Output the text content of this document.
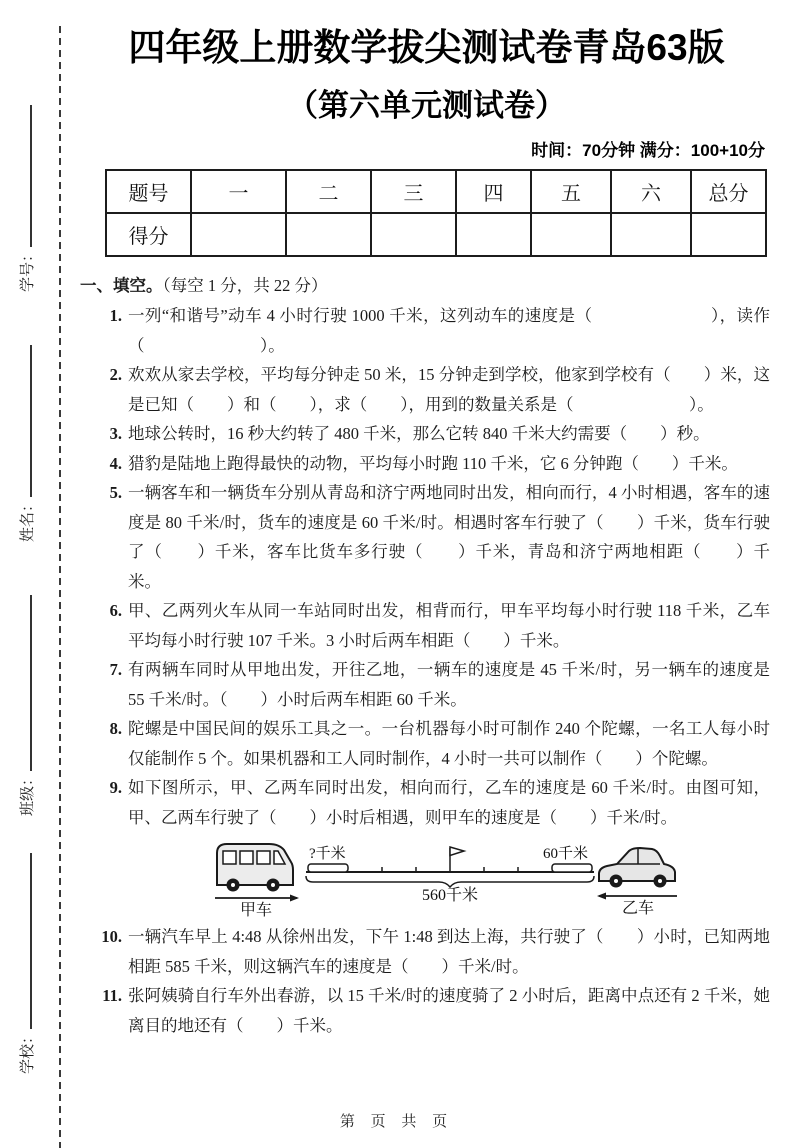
学号：
姓名：
班级：
学校：
四年级上册数学拔尖测试卷青岛63版
（第六单元测试卷）
时间：70分钟 满分：100+10分
题号	一	二	三	四	五	六	总分
得分							
一、填空。（每空 1 分，共 22 分）
1. 一列“和谐号”动车 4 小时行驶 1000 千米，这列动车的速度是（　　　　　　　），读作（　　　　　　　）。
2. 欢欢从家去学校，平均每分钟走 50 米，15 分钟走到学校，他家到学校有（　　）米，这是已知（　　）和（　　），求（　　），用到的数量关系是（　　　　　　　）。
3. 地球公转时，16 秒大约转了 480 千米，那么它转 840 千米大约需要（　　）秒。
4. 猎豹是陆地上跑得最快的动物，平均每小时跑 110 千米，它 6 分钟跑（　　）千米。
5. 一辆客车和一辆货车分别从青岛和济宁两地同时出发，相向而行，4 小时相遇，客车的速度是 80 千米/时，货车的速度是 60 千米/时。相遇时客车行驶了（　　）千米，货车行驶了（　　）千米，客车比货车多行驶（　　）千米，青岛和济宁两地相距（　　）千米。
6. 甲、乙两列火车从同一车站同时出发，相背而行，甲车平均每小时行驶 118 千米，乙车平均每小时行驶 107 千米。3 小时后两车相距（　　）千米。
7. 有两辆车同时从甲地出发，开往乙地，一辆车的速度是 45 千米/时，另一辆车的速度是 55 千米/时。（　　）小时后两车相距 60 千米。
8. 陀螺是中国民间的娱乐工具之一。一台机器每小时可制作 240 个陀螺，一名工人每小时仅能制作 5 个。如果机器和工人同时制作，4 小时一共可以制作（　　）个陀螺。
9. 如下图所示，甲、乙两车同时出发，相向而行，乙车的速度是 60 千米/时。由图可知，甲、乙两车行驶了（　　）小时后相遇，则甲车的速度是（　　）千米/时。
甲车
?千米	60千米
560千米
乙车
10. 一辆汽车早上 4:48 从徐州出发，下午 1:48 到达上海，共行驶了（　　）小时，已知两地相距 585 千米，则这辆汽车的速度是（　　）千米/时。
11. 张阿姨骑自行车外出春游，以 15 千米/时的速度骑了 2 小时后，距离中点还有 2 千米，她离目的地还有（　　）千米。
第 页 共 页
